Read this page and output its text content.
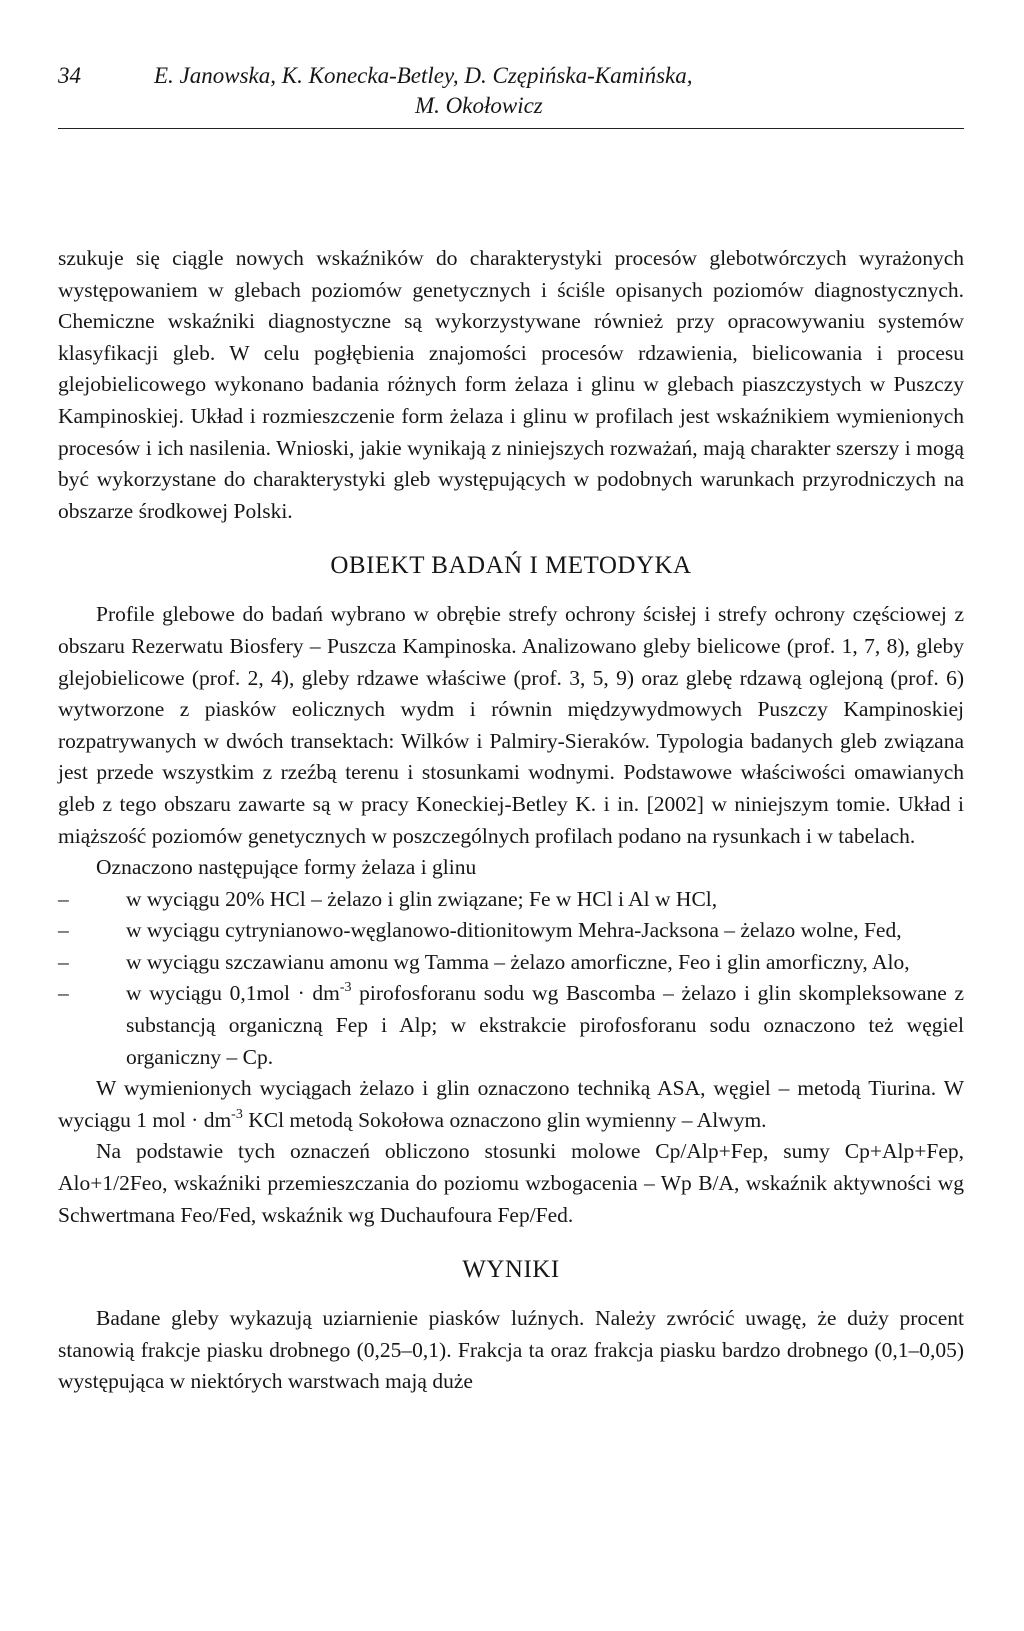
34	E. Janowska, K. Konecka-Betley, D. Czępińska-Kamińska,
M. Okołowicz

szukuje się ciągle nowych wskaźników do charakterystyki procesów glebotwórczych wyrażonych występowaniem w glebach poziomów genetycznych i ściśle opisanych poziomów diagnostycznych. Chemiczne wskaźniki diagnostyczne są wykorzystywane również przy opracowywaniu systemów klasyfikacji gleb. W celu pogłębienia znajomości procesów rdzawienia, bielicowania i procesu glejobielicowego wykonano badania różnych form żelaza i glinu w glebach piaszczystych w Puszczy Kampinoskiej. Układ i rozmieszczenie form żelaza i glinu w profilach jest wskaźnikiem wymienionych procesów i ich nasilenia. Wnioski, jakie wynikają z niniejszych rozważań, mają charakter szerszy i mogą być wykorzystane do charakterystyki gleb występujących w podobnych warunkach przyrodniczych na obszarze środkowej Polski.

OBIEKT BADAŃ I METODYKA

Profile glebowe do badań wybrano w obrębie strefy ochrony ścisłej i strefy ochrony częściowej z obszaru Rezerwatu Biosfery – Puszcza Kampinoska. Analizowano gleby bielicowe (prof. 1, 7, 8), gleby glejobielicowe (prof. 2, 4), gleby rdzawe właściwe (prof. 3, 5, 9) oraz glebę rdzawą oglejoną (prof. 6) wytworzone z piasków eolicznych wydm i równin międzywydmowych Puszczy Kampinoskiej rozpatrywanych w dwóch transektach: Wilków i Palmiry-Sieraków. Typologia badanych gleb związana jest przede wszystkim z rzeźbą terenu i stosunkami wodnymi. Podstawowe właściwości omawianych gleb z tego obszaru zawarte są w pracy Koneckiej-Betley K. i in. [2002] w niniejszym tomie. Układ i miąższość poziomów genetycznych w poszczególnych profilach podano na rysunkach i w tabelach.

Oznaczono następujące formy żelaza i glinu

–	w wyciągu 20% HCl – żelazo i glin związane; Fe w HCl i Al w HCl,
–	w wyciągu cytrynianowo-węglanowo-ditionitowym Mehra-Jacksona – żelazo wolne, Fed,
–	w wyciągu szczawianu amonu wg Tamma – żelazo amorficzne, Feo i glin amorficzny, Alo,
–	w wyciągu $0,1mol \cdot dm^{-3}$ pirofosforanu sodu wg Bascomba – żelazo i glin skompleksowane z substancją organiczną Fep i Alp; w ekstrakcie pirofosforanu sodu oznaczono też węgiel organiczny – Cp.

W wymienionych wyciągach żelazo i glin oznaczono techniką ASA, węgiel – metodą Tiurina. W wyciągu 1 mol · $dm^{-3}$ KCl metodą Sokołowa oznaczono glin wymienny – Alwym.

Na podstawie tych oznaczeń obliczono stosunki molowe Cp/Alp+Fep, sumy Cp+Alp+Fep, Alo+1/2Feo, wskaźniki przemieszczania do poziomu wzbogacenia – Wp B/A, wskaźnik aktywności wg Schwertmana Feo/Fed, wskaźnik wg Duchaufoura Fep/Fed.

WYNIKI

Badane gleby wykazują uziarnienie piasków luźnych. Należy zwrócić uwagę, że duży procent stanowią frakcje piasku drobnego (0,25–0,1). Frakcja ta oraz frakcja piasku bardzo drobnego (0,1–0,05) występująca w niektórych warstwach mają duże
